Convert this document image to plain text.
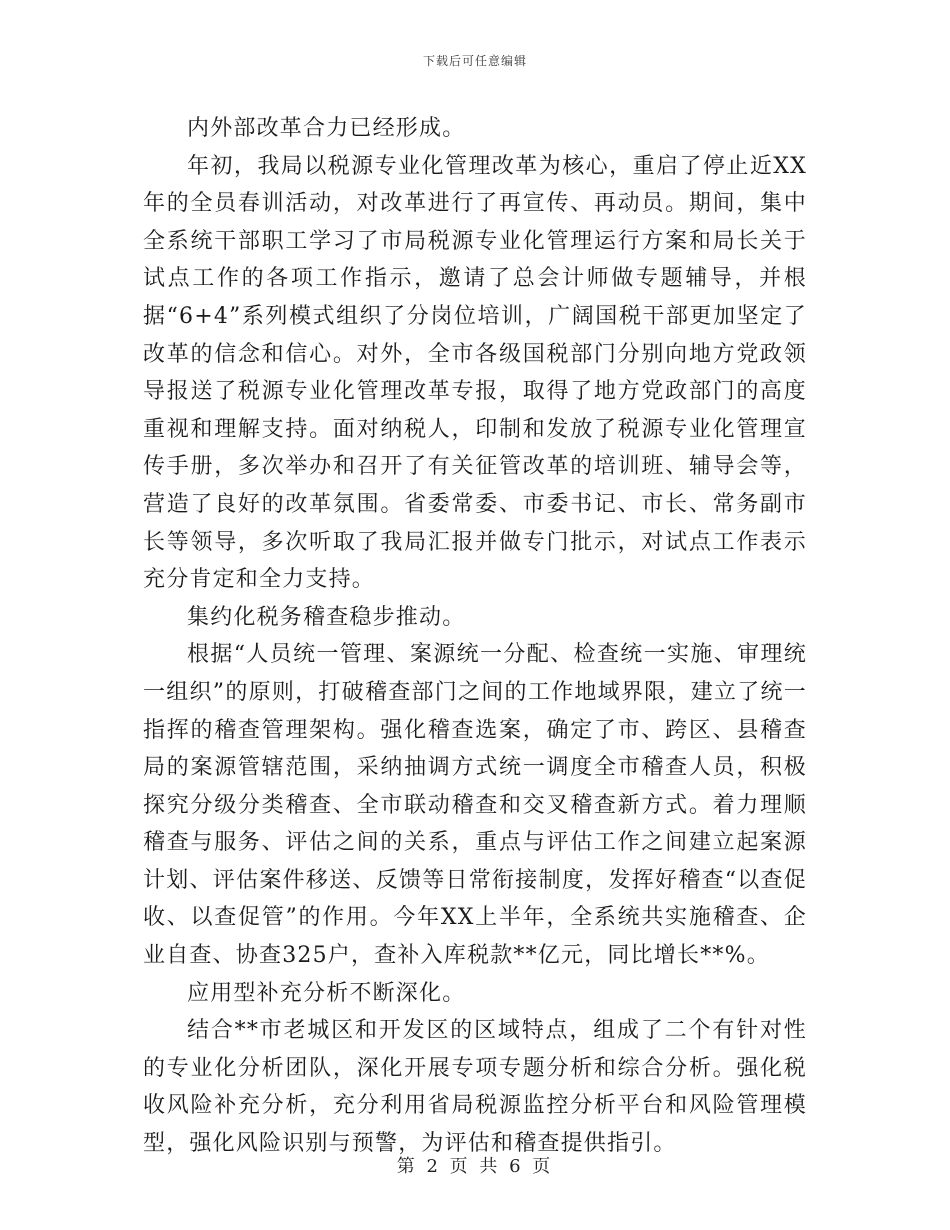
下载后可任意编辑

内外部改革合力已经形成。

年初，我局以税源专业化管理改革为核心，重启了停止近XX年的全员春训活动，对改革进行了再宣传、再动员。期间，集中全系统干部职工学习了市局税源专业化管理运行方案和局长关于试点工作的各项工作指示，邀请了总会计师做专题辅导，并根据“6+4”系列模式组织了分岗位培训，广阔国税干部更加坚定了改革的信念和信心。对外，全市各级国税部门分别向地方党政领导报送了税源专业化管理改革专报，取得了地方党政部门的高度重视和理解支持。面对纳税人，印制和发放了税源专业化管理宣传手册，多次举办和召开了有关征管改革的培训班、辅导会等，营造了良好的改革氛围。省委常委、市委书记、市长、常务副市长等领导，多次听取了我局汇报并做专门批示，对试点工作表示充分肯定和全力支持。

集约化税务稽查稳步推动。

根据“人员统一管理、案源统一分配、检查统一实施、审理统一组织”的原则，打破稽查部门之间的工作地域界限，建立了统一指挥的稽查管理架构。强化稽查选案，确定了市、跨区、县稽查局的案源管辖范围，采纳抽调方式统一调度全市稽查人员，积极探究分级分类稽查、全市联动稽查和交叉稽查新方式。着力理顺稽查与服务、评估之间的关系，重点与评估工作之间建立起案源计划、评估案件移送、反馈等日常衔接制度，发挥好稽查“以查促收、以查促管”的作用。今年XX上半年，全系统共实施稽查、企业自查、协查325户，查补入库税款**亿元，同比增长**%。

应用型补充分析不断深化。

结合**市老城区和开发区的区域特点，组成了二个有针对性的专业化分析团队，深化开展专项专题分析和综合分析。强化税收风险补充分析，充分利用省局税源监控分析平台和风险管理模型，强化风险识别与预警，为评估和稽查提供指引。

第 2 页 共 6 页
